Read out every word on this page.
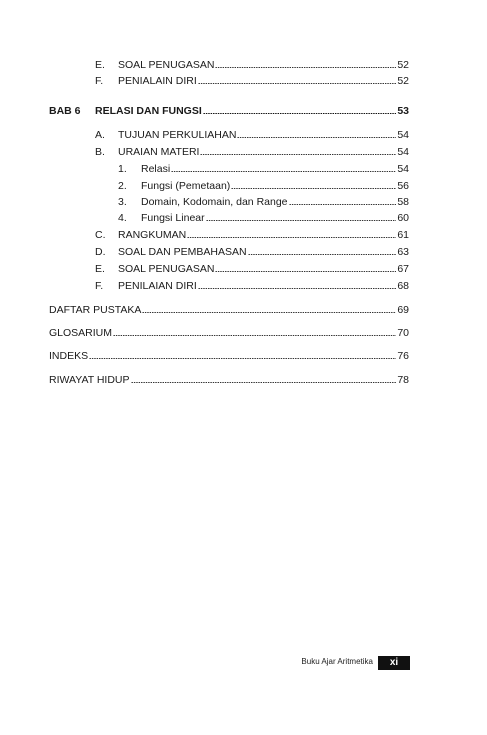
E.	SOAL PENUGASAN	52
F.	PENIALAIN DIRI	52
BAB 6	RELASI DAN FUNGSI	53
A.	TUJUAN PERKULIAHAN	54
B.	URAIAN MATERI	54
1.	Relasi	54
2.	Fungsi (Pemetaan)	56
3.	Domain, Kodomain, dan Range	58
4.	Fungsi Linear	60
C.	RANGKUMAN	61
D.	SOAL DAN PEMBAHASAN	63
E.	SOAL PENUGASAN	67
F.	PENILAIAN DIRI	68
DAFTAR PUSTAKA	69
GLOSARIUM	70
INDEKS	76
RIWAYAT HIDUP	78
Buku Ajar Aritmetika	xi
